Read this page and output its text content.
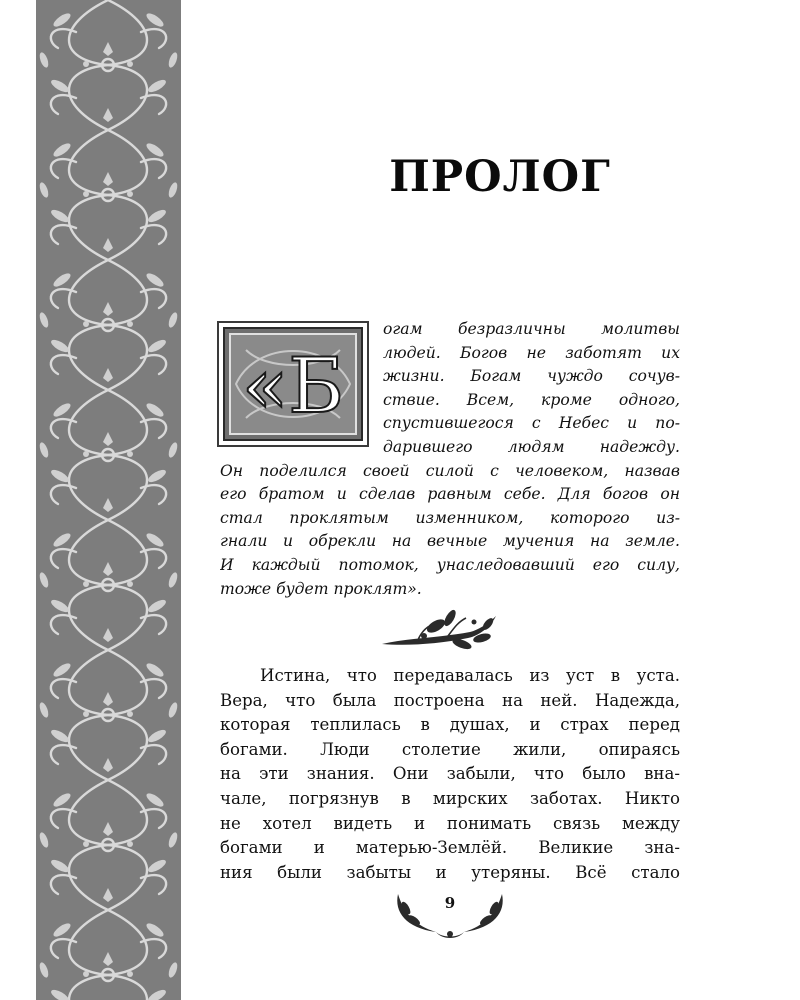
ПРОЛОГ
«Б
огам безразличны молитвы
людей. Богов не заботят их
жизни. Богам чуждо сочув-
ствие. Всем, кроме одного,
спустившегося с Небес и по-
дарившего людям надежду.
Он поделился своей силой с человеком, назвав
его братом и сделав равным себе. Для богов он
стал проклятым изменником, которого из-
гнали и обрекли на вечные мучения на земле.
И каждый потомок, унаследовавший его силу,
тоже будет проклят».
Истина, что передавалась из уст в уста.
Вера, что была построена на ней. Надежда,
которая теплилась в душах, и страх перед
богами. Люди столетие жили, опираясь
на эти знания. Они забыли, что было вна-
чале, погрязнув в мирских заботах. Никто
не хотел видеть и понимать связь между
богами и матерью-Землёй. Великие зна-
ния были забыты и утеряны. Всё стало
9
